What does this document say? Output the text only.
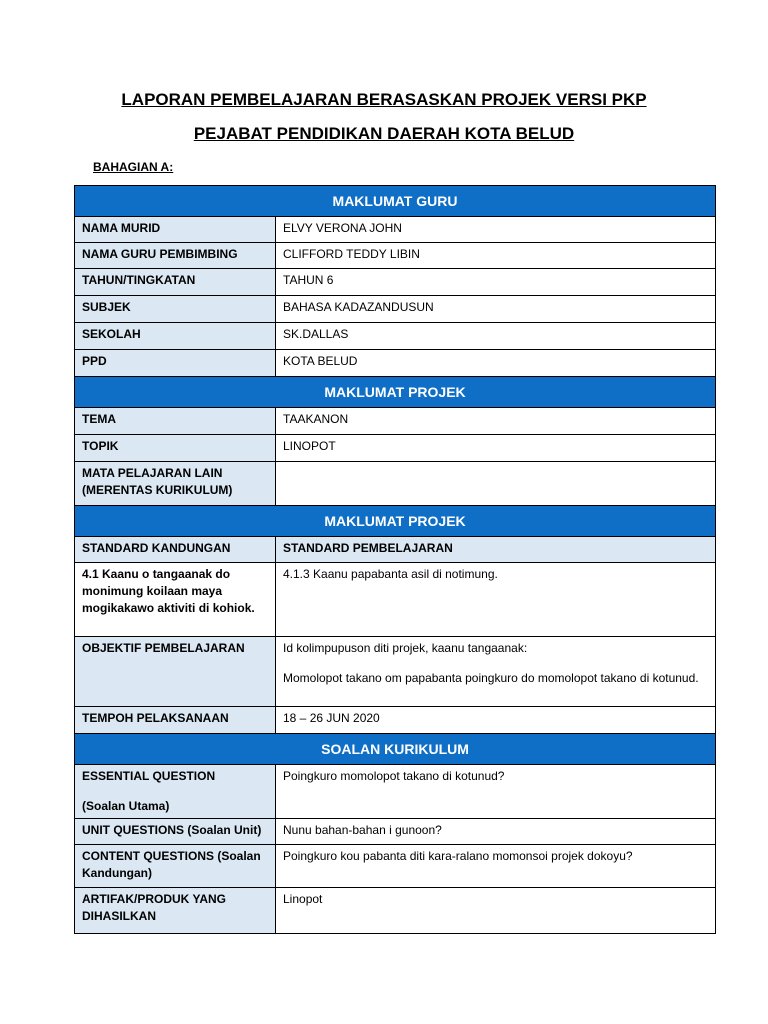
LAPORAN PEMBELAJARAN BERASASKAN PROJEK VERSI PKP
PEJABAT PENDIDIKAN DAERAH KOTA BELUD
BAHAGIAN A:
MAKLUMAT GURU	
NAMA MURID	ELVY VERONA JOHN
NAMA GURU PEMBIMBING	CLIFFORD TEDDY LIBIN
TAHUN/TINGKATAN	TAHUN 6
SUBJEK	BAHASA KADAZANDUSUN
SEKOLAH	SK.DALLAS
PPD	KOTA BELUD
MAKLUMAT PROJEK	
TEMA	TAAKANON
TOPIK	LINOPOT

MATA PELAJARAN LAIN
(MERENTAS KURIKULUM)	

MAKLUMAT PROJEK	
STANDARD KANDUNGAN	STANDARD PEMBELAJARAN
4.1 Kaanu o tangaanak do monimung koilaan maya mogikakawo aktiviti di kohiok.	4.1.3 Kaanu papabanta asil di notimung.
OBJEKTIF PEMBELAJARAN	Id kolimpupuson diti projek, kaanu tangaanak:
Momolopot takano om papabanta poingkuro do momolopot takano di kotunud.

TEMPOH PELAKSANAAN	18 – 26 JUN 2020
SOALAN KURIKULUM	

ESSENTIAL QUESTION
(Soalan Utama)	Poingkuro momolopot takano di kotunud?
UNIT QUESTIONS (Soalan Unit)	Nunu bahan-bahan i gunoon?
CONTENT QUESTIONS (Soalan Kandungan)	Poingkuro kou pabanta diti kara-ralano momonsoi projek dokoyu?
ARTIFAK/PRODUK YANG DIHASILKAN	Linopot
